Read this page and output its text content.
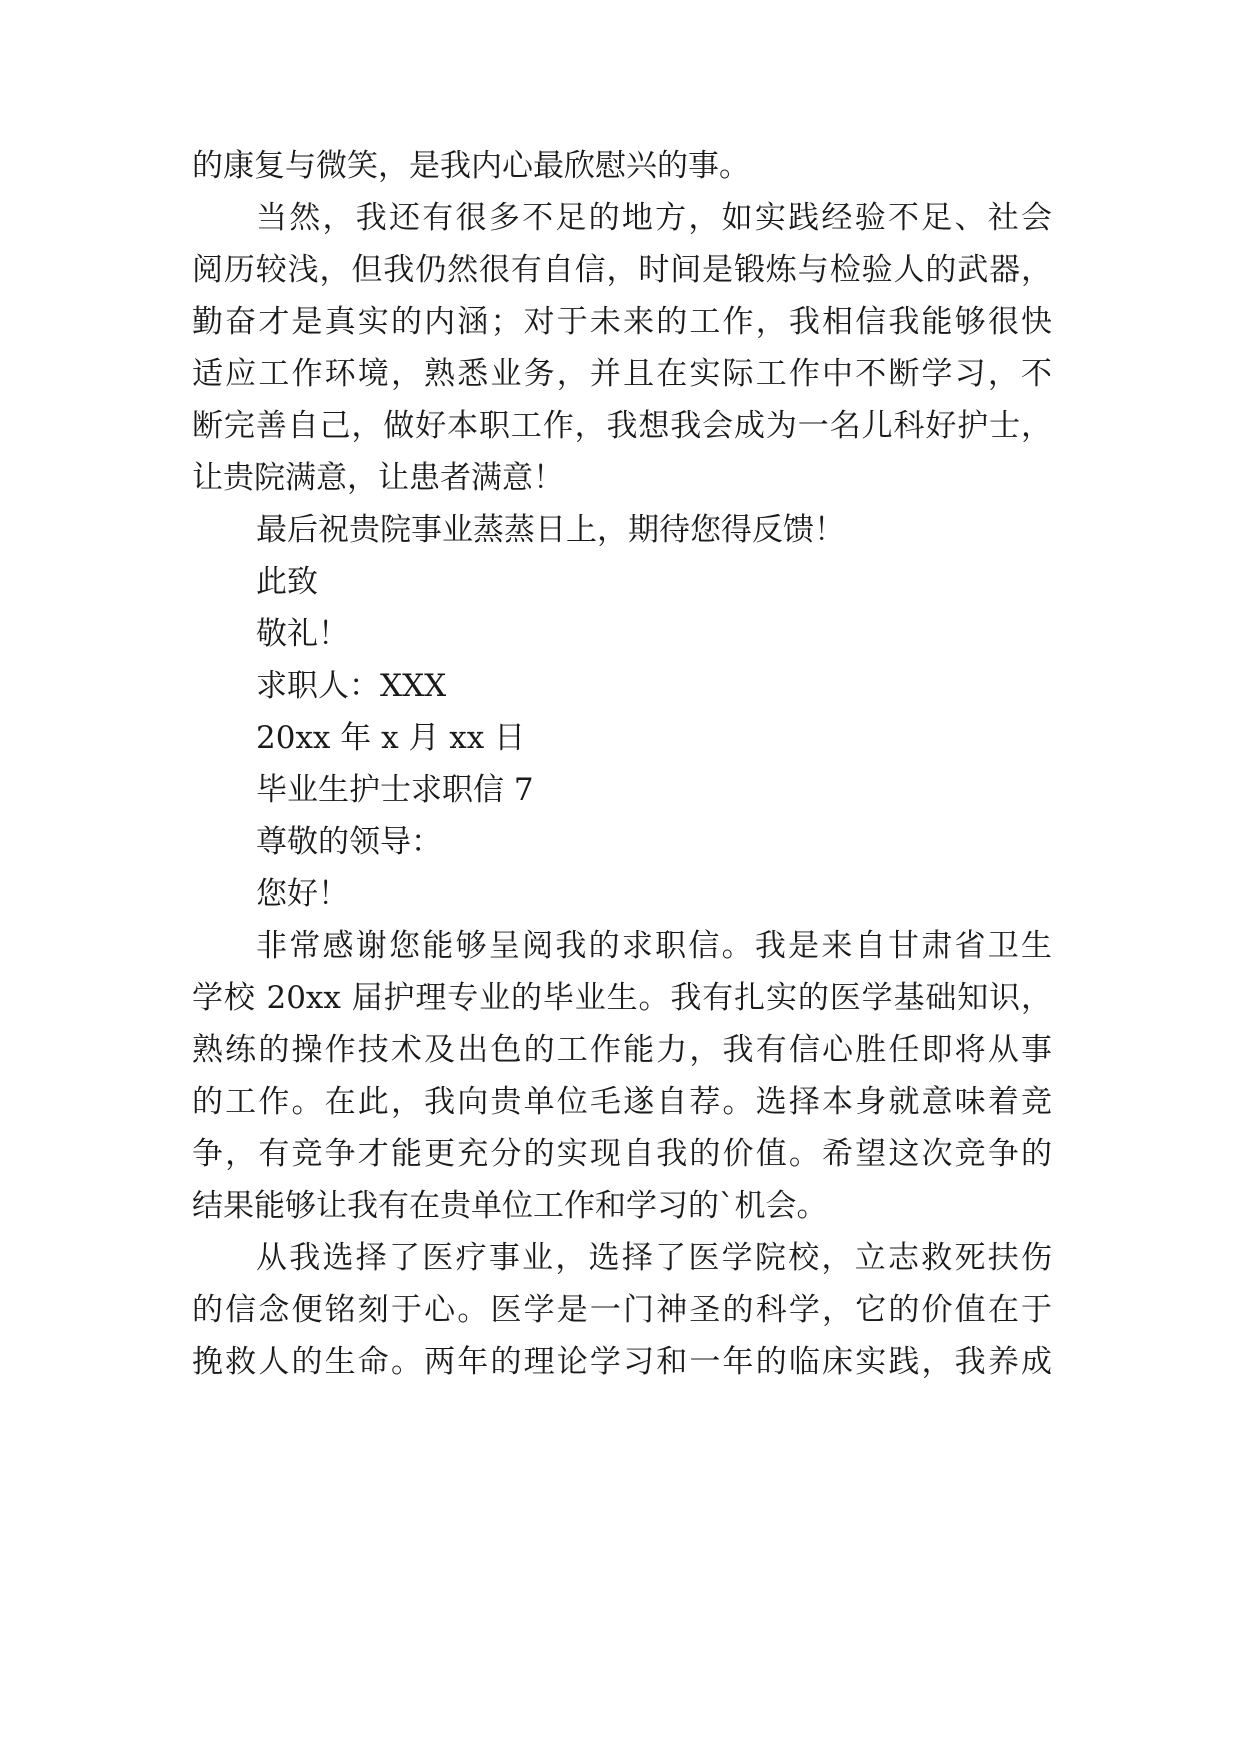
的康复与微笑，是我内心最欣慰兴的事。
当然，我还有很多不足的地方，如实践经验不足、社会
阅历较浅，但我仍然很有自信，时间是锻炼与检验人的武器，
勤奋才是真实的内涵；对于未来的工作，我相信我能够很快
适应工作环境，熟悉业务，并且在实际工作中不断学习，不
断完善自己，做好本职工作，我想我会成为一名儿科好护士，
让贵院满意，让患者满意！
最后祝贵院事业蒸蒸日上，期待您得反馈！
此致
敬礼！
求职人：XXX
20xx 年 x 月 xx 日
毕业生护士求职信 7
尊敬的领导：
您好！
非常感谢您能够呈阅我的求职信。我是来自甘肃省卫生
学校 20xx 届护理专业的毕业生。我有扎实的医学基础知识，
熟练的操作技术及出色的工作能力，我有信心胜任即将从事
的工作。在此，我向贵单位毛遂自荐。选择本身就意味着竞
争，有竞争才能更充分的实现自我的价值。希望这次竞争的
结果能够让我有在贵单位工作和学习的`机会。
从我选择了医疗事业，选择了医学院校，立志救死扶伤
的信念便铭刻于心。医学是一门神圣的科学，它的价值在于
挽救人的生命。两年的理论学习和一年的临床实践，我养成
